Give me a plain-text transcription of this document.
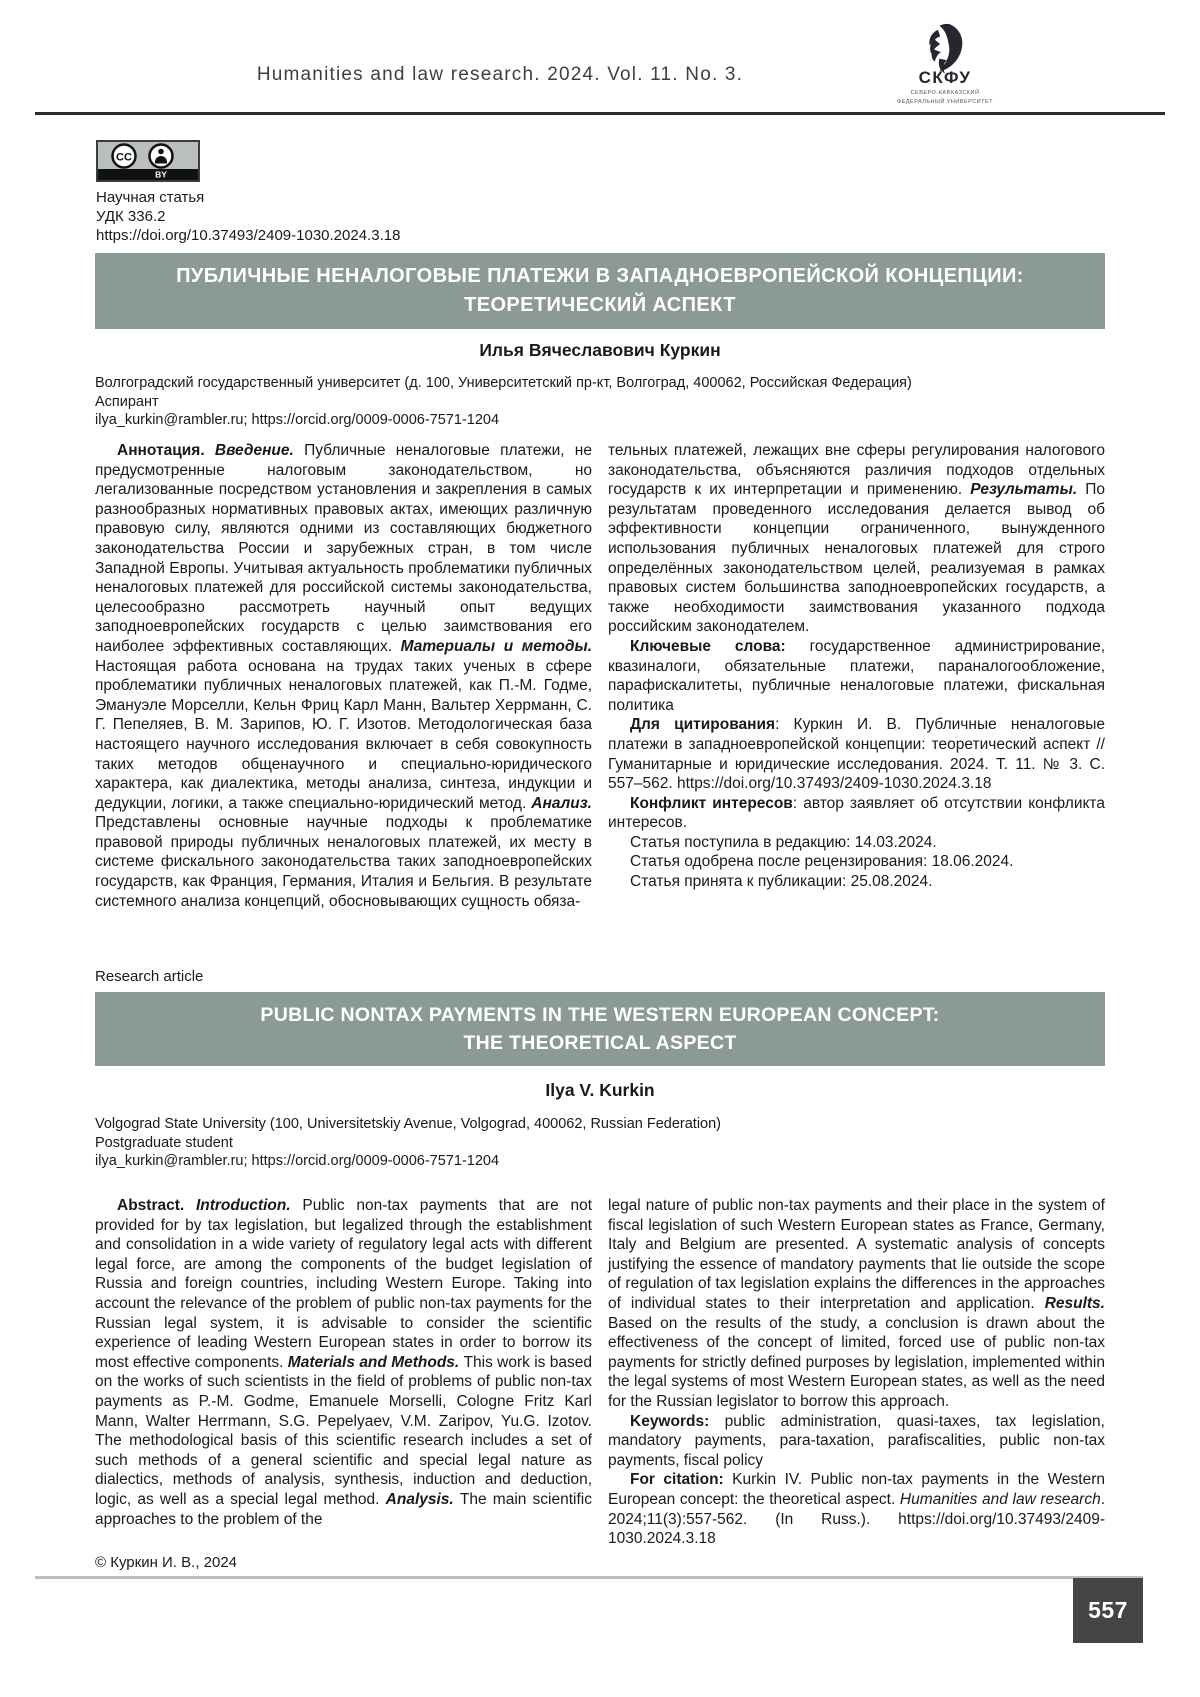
Humanities and law research. 2024. Vol. 11. No. 3.	СКФУ
СЕВЕРО-КАВКАЗСКИЙ
ФЕДЕРАЛЬНЫЙ УНИВЕРСИТЕТ
CC
BY
Научная статья
УДК 336.2
https://doi.org/10.37493/2409-1030.2024.3.18
ПУБЛИЧНЫЕ НЕНАЛОГОВЫЕ ПЛАТЕЖИ В ЗАПАДНОЕВРОПЕЙСКОЙ КОНЦЕПЦИИ:
ТЕОРЕТИЧЕСКИЙ АСПЕКТ
Илья Вячеславович Куркин
Волгоградский государственный университет (д. 100, Университетский пр-кт, Волгоград, 400062, Российская Федерация)
Аспирант
ilya_kurkin@rambler.ru; https://orcid.org/0009-0006-7571-1204

Аннотация. Введение. Публичные неналоговые платежи, не предусмотренные налоговым законодательством, но легализованные посредством установления и закрепления в самых разнообразных нормативных правовых актах, имеющих различную правовую силу, являются одними из составляющих бюджетного законодательства России и зарубежных стран, в том числе Западной Европы. Учитывая актуальность проблематики публичных неналоговых платежей для российской системы законодательства, целесообразно рассмотреть научный опыт ведущих заподноевропейских государств с целью заимствования его наиболее эффективных составляющих. Материалы и методы. Настоящая работа основана на трудах таких ученых в сфере проблематики публичных неналоговых платежей, как П.-М. Годме, Эмануэле Морселли, Кельн Фриц Карл Манн, Вальтер Херрманн, С. Г. Пепеляев, В. М. Зарипов, Ю. Г. Изотов. Методологическая база настоящего научного исследования включает в себя совокупность таких методов общенаучного и специально-юридического характера, как диалектика, методы анализа, синтеза, индукции и дедукции, логики, а также специально-юридический метод. Анализ. Представлены основные научные подходы к проблематике правовой природы публичных неналоговых платежей, их месту в системе фискального законодательства таких заподноевропейских государств, как Франция, Германия, Италия и Бельгия. В результате системного анализа концепций, обосновывающих сущность обяза-

тельных платежей, лежащих вне сферы регулирования налогового законодательства, объясняются различия подходов отдельных государств к их интерпретации и применению. Результаты. По результатам проведенного исследования делается вывод об эффективности концепции ограниченного, вынужденного использования публичных неналоговых платежей для строго определённых законодательством целей, реализуемая в рамках правовых систем большинства заподноевропейских государств, а также необходимости заимствования указанного подхода российским законодателем.

Ключевые слова: государственное администрирование, квазиналоги, обязательные платежи, параналогообложение, парафискалитеты, публичные неналоговые платежи, фискальная политика

Для цитирования: Куркин И. В. Публичные неналоговые платежи в западноевропейской концепции: теоретический аспект // Гуманитарные и юридические исследования. 2024. Т. 11. № 3. С. 557–562. https://doi.org/10.37493/2409-1030.2024.3.18

Конфликт интересов: автор заявляет об отсутствии конфликта интересов.

Статья поступила в редакцию: 14.03.2024.

Статья одобрена после рецензирования: 18.06.2024.

Статья принята к публикации: 25.08.2024.

Research article
PUBLIC NONTAX PAYMENTS IN THE WESTERN EUROPEAN CONCEPT:
THE THEORETICAL ASPECT
Ilya V. Kurkin
Volgograd State University (100, Universitetskiy Avenue, Volgograd, 400062, Russian Federation)
Postgraduate student
ilya_kurkin@rambler.ru; https://orcid.org/0009-0006-7571-1204

Abstract. Introduction. Public non-tax payments that are not provided for by tax legislation, but legalized through the establishment and consolidation in a wide variety of regulatory legal acts with different legal force, are among the components of the budget legislation of Russia and foreign countries, including Western Europe. Taking into account the relevance of the problem of public non-tax payments for the Russian legal system, it is advisable to consider the scientific experience of leading Western European states in order to borrow its most effective components. Materials and Methods. This work is based on the works of such scientists in the field of problems of public non-tax payments as P.-M. Godme, Emanuele Morselli, Cologne Fritz Karl Mann, Walter Herrmann, S.G. Pepelyaev, V.M. Zaripov, Yu.G. Izotov. The methodological basis of this scientific research includes a set of such methods of a general scientific and special legal nature as dialectics, methods of analysis, synthesis, induction and deduction, logic, as well as a special legal method. Analysis. The main scientific approaches to the problem of the

legal nature of public non-tax payments and their place in the system of fiscal legislation of such Western European states as France, Germany, Italy and Belgium are presented. A systematic analysis of concepts justifying the essence of mandatory payments that lie outside the scope of regulation of tax legislation explains the differences in the approaches of individual states to their interpretation and application. Results. Based on the results of the study, a conclusion is drawn about the effectiveness of the concept of limited, forced use of public non-tax payments for strictly defined purposes by legislation, implemented within the legal systems of most Western European states, as well as the need for the Russian legislator to borrow this approach.

Keywords: public administration, quasi-taxes, tax legislation, mandatory payments, para-taxation, parafiscalities, public non-tax payments, fiscal policy

For citation: Kurkin IV. Public non-tax payments in the Western European concept: the theoretical aspect. Humanities and law research. 2024;11(3):557-562. (In Russ.). https://doi.org/10.37493/2409-1030.2024.3.18

© Куркин И. В., 2024
557
